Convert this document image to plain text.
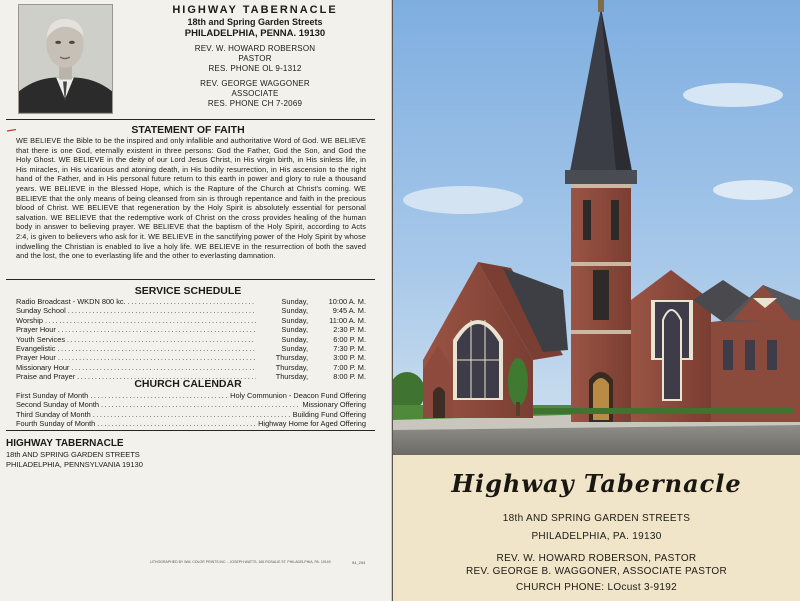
HIGHWAY TABERNACLE
18th and Spring Garden Streets
PHILADELPHIA, PENNA. 19130
REV. W. HOWARD ROBERSON
PASTOR
RES. PHONE OL 9-1312
REV. GEORGE WAGGONER
ASSOCIATE
RES. PHONE CH 7-2069
STATEMENT OF FAITH
WE BELIEVE the Bible to be the inspired and only infallible and authoritative Word of God. WE BELIEVE that there is one God, eternally existent in three persons: God the Father, God the Son, and God the Holy Ghost. WE BELIEVE in the deity of our Lord Jesus Christ, in His virgin birth, in His sinless life, in His miracles, in His vicarious and atoning death, in His bodily resurrection, in His ascension to the right hand of the Father, and in His personal future return to this earth in power and glory to rule a thousand years. WE BELIEVE in the Blessed Hope, which is the Rapture of the Church at Christ's coming. WE BELIEVE that the only means of being cleansed from sin is through repentance and faith in the precious blood of Christ. WE BELIEVE that regeneration by the Holy Spirit is absolutely essential for personal salvation. WE BELIEVE that the redemptive work of Christ on the cross provides healing of the human body in answer to believing prayer. WE BELIEVE that the baptism of the Holy Spirit, according to Acts 2:4, is given to believers who ask for it. WE BELIEVE in the sanctifying power of the Holy Spirit by whose indwelling the Christian is enabled to live a holy life. WE BELIEVE in the resurrection of both the saved and the lost, the one to everlasting life and the other to everlasting damnation.
SERVICE SCHEDULE
Radio Broadcast - WKDN 800 kc. .....	Sunday,	10:00 A. M.
Sunday School .....	Sunday,	9:45 A. M.
Worship .....	Sunday,	11:00 A. M.
Prayer Hour .....	Sunday,	2:30 P. M.
Youth Services .....	Sunday,	6:00 P. M.
Evangelistic .....	Sunday,	7:30 P. M.
Prayer Hour .....	Thursday,	3:00 P. M.
Missionary Hour .....	Thursday,	7:00 P. M.
Praise and Prayer .....	Thursday,	8:00 P. M.
CHURCH CALENDAR
First Sunday of Month .....	Holy Communion - Deacon Fund Offering
Second Sunday of Month .....	Missionary Offering
Third Sunday of Month .....	Building Fund Offering
Fourth Sunday of Month .....	Highway Home for Aged Offering
HIGHWAY TABERNACLE
18th AND SPRING GARDEN STREETS
PHILADELPHIA, PENNSYLVANIA 19130
LITHOGRAPHED BY WM. COLOR PRINTS INC. - JOSEPH WATTS, 166 ROSALIE ST. PHILADELPHIA, PA. 19149	94_294
Highway Tabernacle
18th AND SPRING GARDEN STREETS
PHILADELPHIA, PA. 19130
REV. W. HOWARD ROBERSON, PASTOR
REV. GEORGE B. WAGGONER, ASSOCIATE PASTOR
CHURCH PHONE: LOcust 3-9192
